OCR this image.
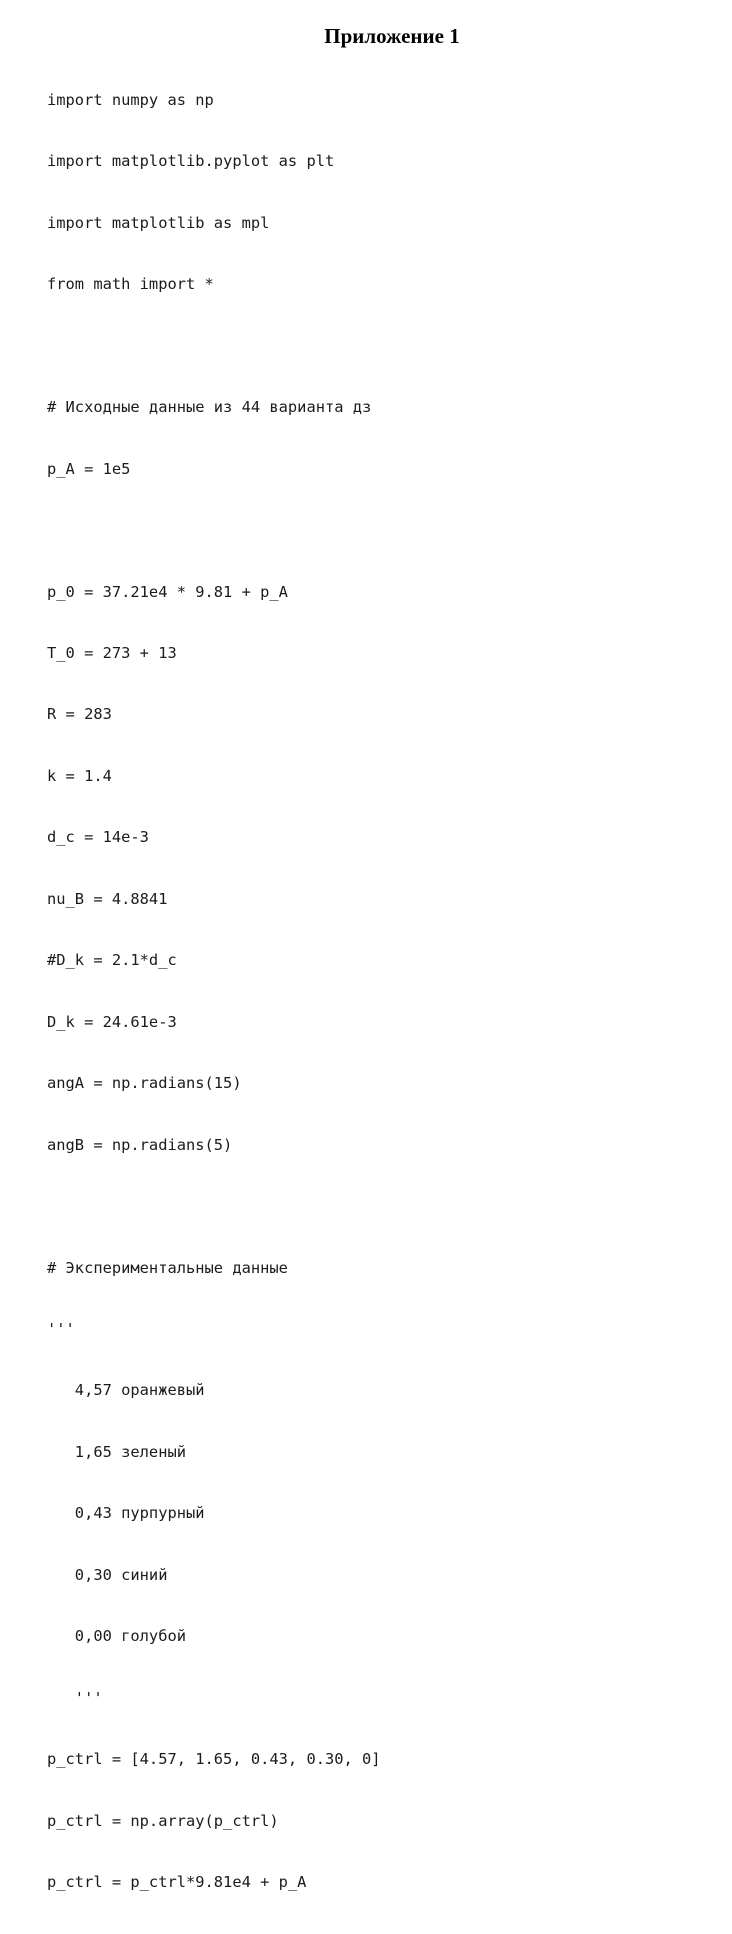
Приложение 1

import numpy as np

import matplotlib.pyplot as plt

import matplotlib as mpl

from math import *

# Исходные данные из 44 варианта дз

p_A = 1e5

p_0 = 37.21e4 * 9.81 + p_A

T_0 = 273 + 13

R = 283

k = 1.4

d_c = 14e-3

nu_B = 4.8841

#D_k = 2.1*d_c

D_k = 24.61e-3

angA = np.radians(15)

angB = np.radians(5)

# Экспериментальные данные

'''

4,57 оранжевый

1,65 зеленый

0,43 пурпурный

0,30 синий

0,00 голубой

'''

p_ctrl = [4.57, 1.65, 0.43, 0.30, 0]

p_ctrl = np.array(p_ctrl)

p_ctrl = p_ctrl*9.81e4 + p_A
